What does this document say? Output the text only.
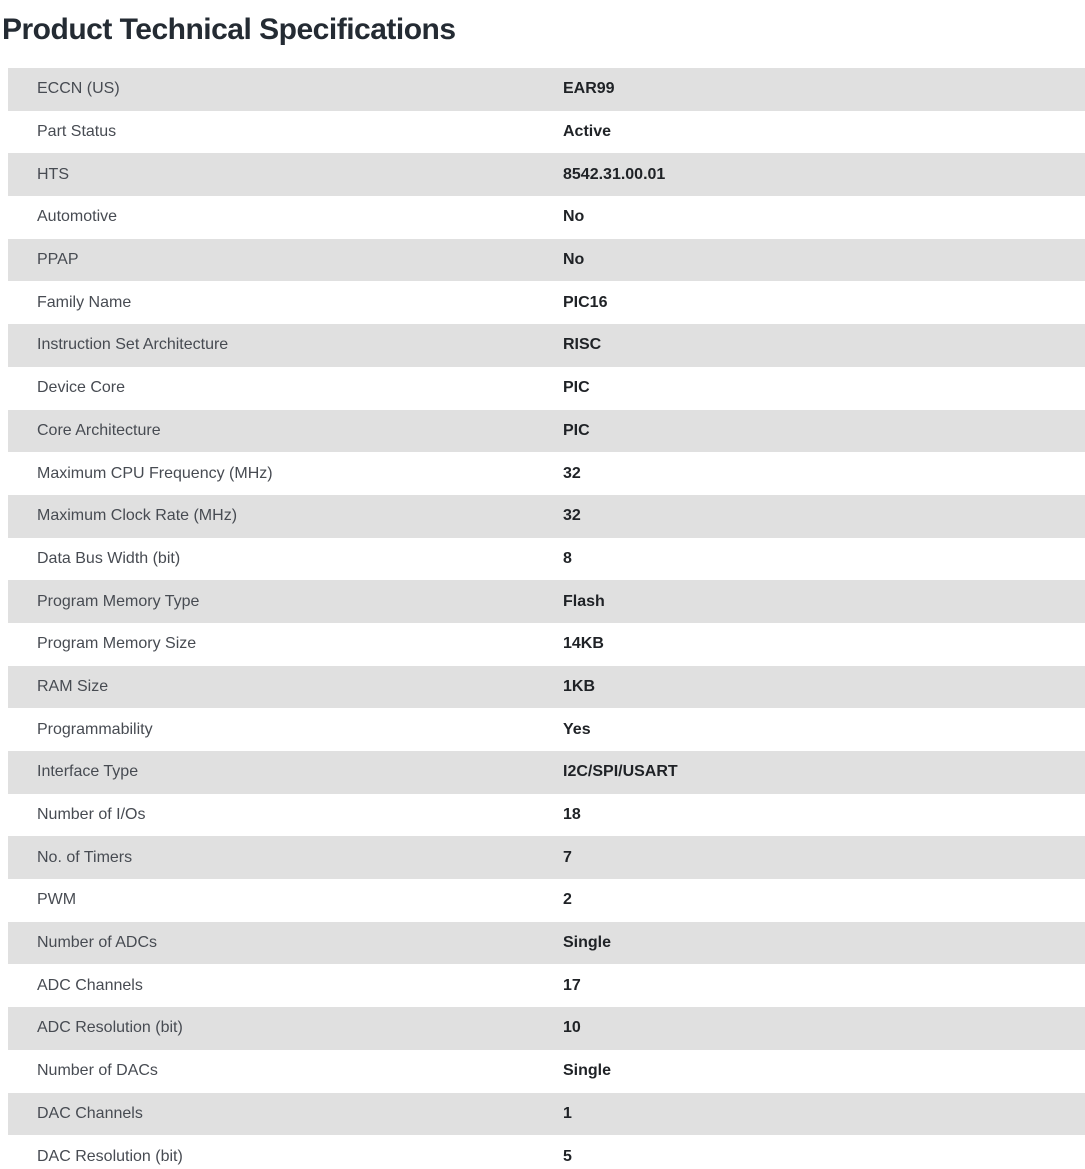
Product Technical Specifications
ECCN (US)	EAR99
Part Status	Active
HTS	8542.31.00.01
Automotive	No
PPAP	No
Family Name	PIC16
Instruction Set Architecture	RISC
Device Core	PIC
Core Architecture	PIC
Maximum CPU Frequency (MHz)	32
Maximum Clock Rate (MHz)	32
Data Bus Width (bit)	8
Program Memory Type	Flash
Program Memory Size	14KB
RAM Size	1KB
Programmability	Yes
Interface Type	I2C/SPI/USART
Number of I/Os	18
No. of Timers	7
PWM	2
Number of ADCs	Single
ADC Channels	17
ADC Resolution (bit)	10
Number of DACs	Single
DAC Channels	1
DAC Resolution (bit)	5
